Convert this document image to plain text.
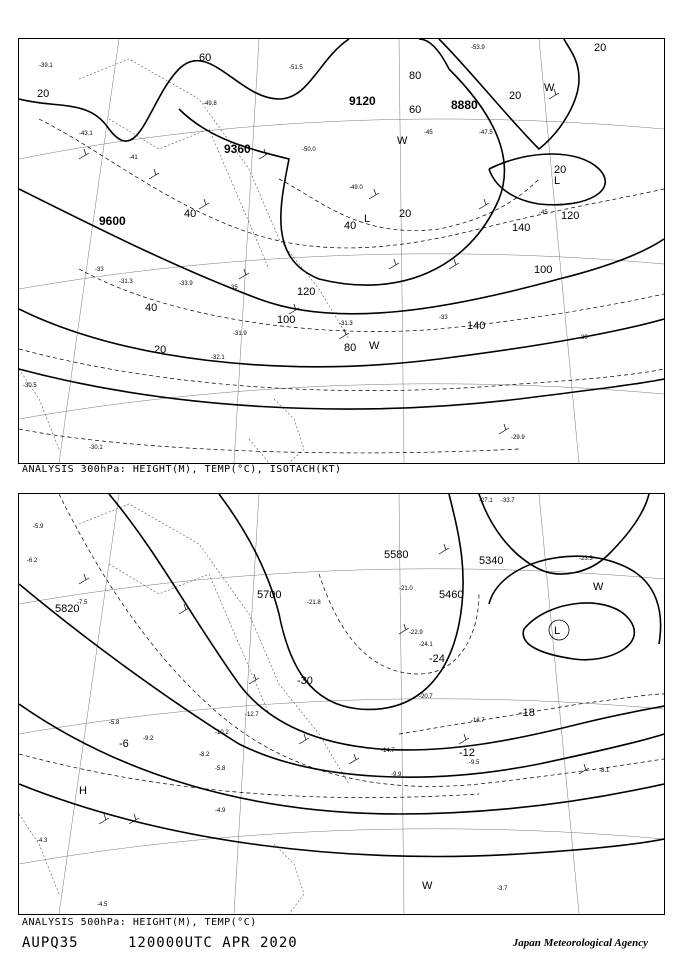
9600
9360
9120	8880
20
40
60
80
100
120
140
80
60
40
20
20
20
20
100
120
140
40
20
L
L
W
W
W
-39.1
-43.1
-49.8
-51.5
-45	-47.5
-50.0
-49.0
-53.9
-45
-33
-31.3
-35
-33.9
-32.1
-31.9
-31.3
-33
-39
-29.9
-30.1
-30.5
-41
ANALYSIS 300hPa: HEIGHT(M), TEMP(°C), ISOTACH(KT)
5820
5700
5580
5460
5340
-30
-24
-18
-12
-6
-27.1 -33.7
-23.3
-21.8
-21.0
-22.9
-24.1
-20.7
-16.7
-14.7
-9.9
-9.5
-8.1
-12.7
-10.2
-8.2
-5.8
-5.8
-4.9
-4.5
-4.3
-3.7
-9.2
-7.5
-5.9
-6.2
L
H
W
W
ANALYSIS 500hPa: HEIGHT(M), TEMP(°C)
AUPQ35	120000UTC APR 2020	Japan Meteorological Agency
